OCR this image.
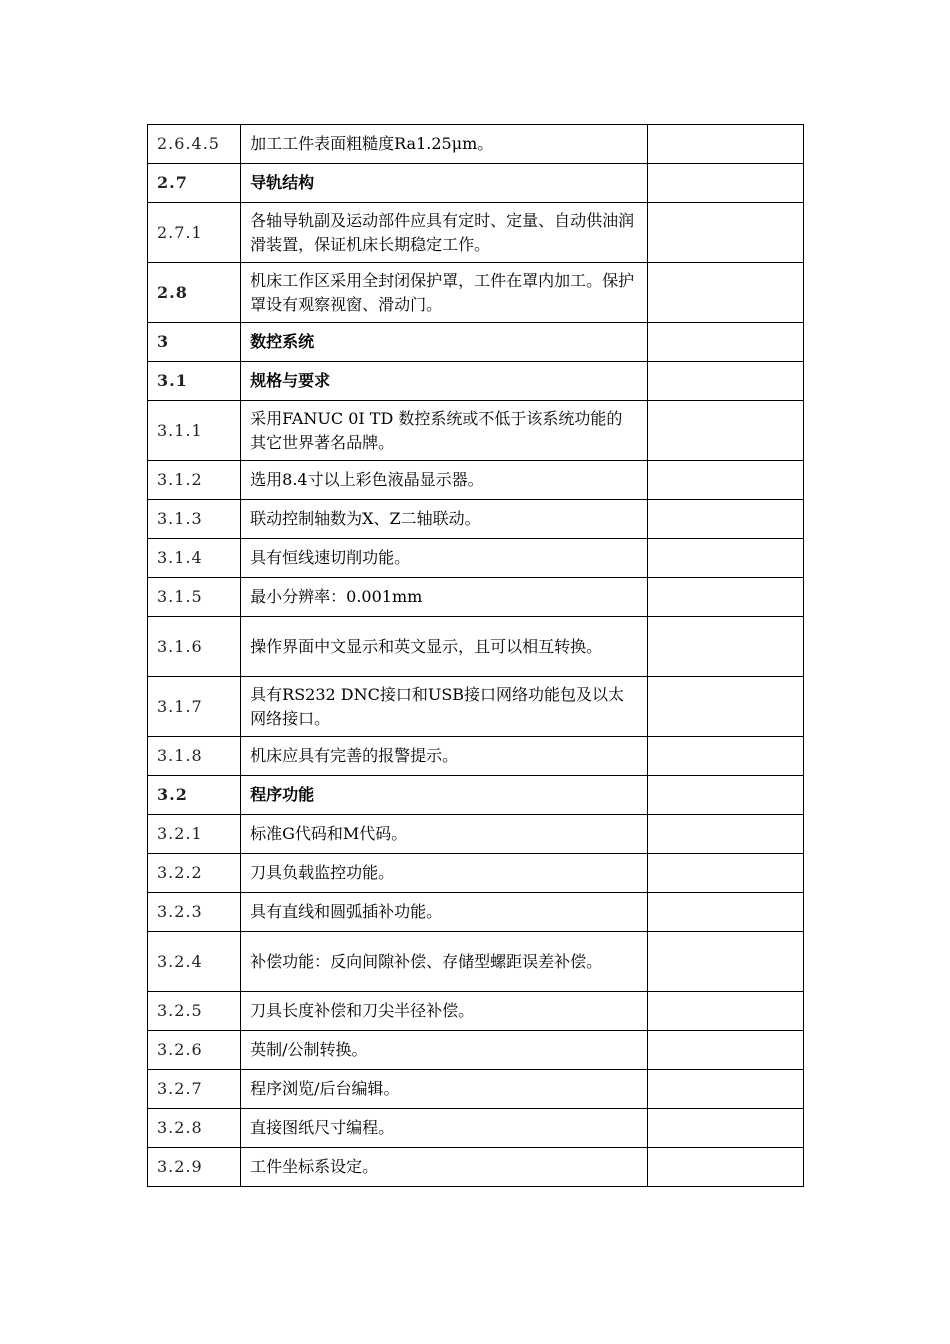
2.6.4.5	加工工件表面粗糙度Ra1.25μm。	
2.7	导轨结构	
2.7.1	各轴导轨副及运动部件应具有定时、定量、自动供油润滑装置，保证机床长期稳定工作。	
2.8	机床工作区采用全封闭保护罩，工件在罩内加工。保护罩设有观察视窗、滑动门。	
3	数控系统	
3.1	规格与要求	
3.1.1	采用FANUC 0I TD 数控系统或不低于该系统功能的其它世界著名品牌。	
3.1.2	选用8.4寸以上彩色液晶显示器。	
3.1.3	联动控制轴数为X、Z二轴联动。	
3.1.4	具有恒线速切削功能。	
3.1.5	最小分辨率：0.001mm	
3.1.6	操作界面中文显示和英文显示，且可以相互转换。	
3.1.7	具有RS232 DNC接口和USB接口网络功能包及以太网络接口。	
3.1.8	机床应具有完善的报警提示。	
3.2	程序功能	
3.2.1	标准G代码和M代码。	
3.2.2	刀具负载监控功能。	
3.2.3	具有直线和圆弧插补功能。	
3.2.4	补偿功能：反向间隙补偿、存储型螺距误差补偿。	
3.2.5	刀具长度补偿和刀尖半径补偿。	
3.2.6	英制/公制转换。	
3.2.7	程序浏览/后台编辑。	
3.2.8	直接图纸尺寸编程。	
3.2.9	工件坐标系设定。	
